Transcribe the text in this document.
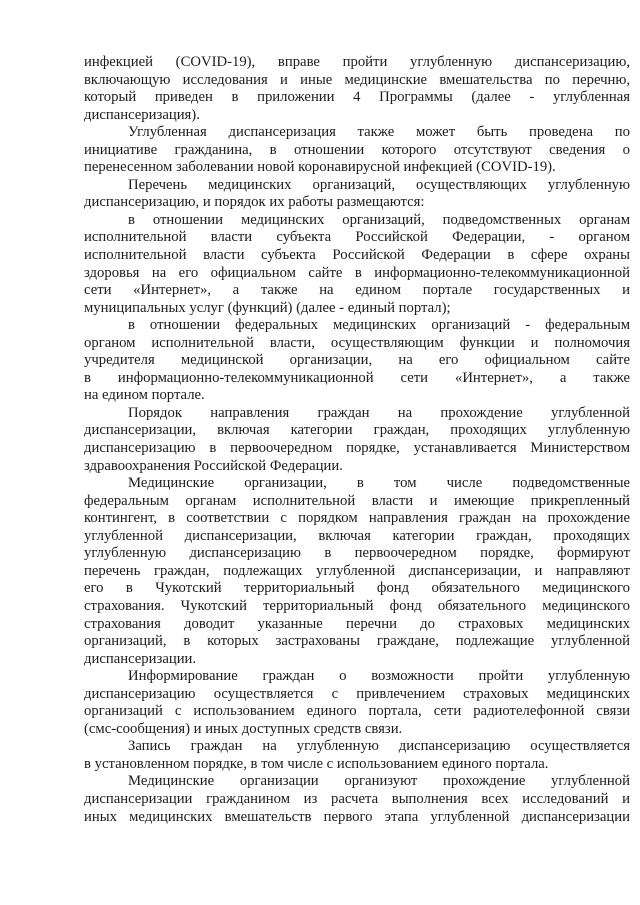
инфекцией (COVID-19), вправе пройти углубленную диспансеризацию,
включающую исследования и иные медицинские вмешательства по перечню,
который приведен в приложении 4 Программы (далее - углубленная
диспансеризация).
Углубленная диспансеризация также может быть проведена по
инициативе гражданина, в отношении которого отсутствуют сведения о
перенесенном заболевании новой коронавирусной инфекцией (COVID-19).
Перечень медицинских организаций, осуществляющих углубленную
диспансеризацию, и порядок их работы размещаются:
в отношении медицинских организаций, подведомственных органам
исполнительной власти субъекта Российской Федерации, - органом
исполнительной власти субъекта Российской Федерации в сфере охраны
здоровья на его официальном сайте в информационно-телекоммуникационной
сети «Интернет», а также на едином портале государственных и
муниципальных услуг (функций) (далее - единый портал);
в отношении федеральных медицинских организаций - федеральным
органом исполнительной власти, осуществляющим функции и полномочия
учредителя медицинской организации, на его официальном сайте
в информационно-телекоммуникационной сети «Интернет», а также
на едином портале.
Порядок направления граждан на прохождение углубленной
диспансеризации, включая категории граждан, проходящих углубленную
диспансеризацию в первоочередном порядке, устанавливается Министерством
здравоохранения Российской Федерации.
Медицинские организации, в том числе подведомственные
федеральным органам исполнительной власти и имеющие прикрепленный
контингент, в соответствии с порядком направления граждан на прохождение
углубленной диспансеризации, включая категории граждан, проходящих
углубленную диспансеризацию в первоочередном порядке, формируют
перечень граждан, подлежащих углубленной диспансеризации, и направляют
его в Чукотский территориальный фонд обязательного медицинского
страхования. Чукотский территориальный фонд обязательного медицинского
страхования доводит указанные перечни до страховых медицинских
организаций, в которых застрахованы граждане, подлежащие углубленной
диспансеризации.
Информирование граждан о возможности пройти углубленную
диспансеризацию осуществляется с привлечением страховых медицинских
организаций с использованием единого портала, сети радиотелефонной связи
(смс-сообщения) и иных доступных средств связи.
Запись граждан на углубленную диспансеризацию осуществляется
в установленном порядке, в том числе с использованием единого портала.
Медицинские организации организуют прохождение углубленной
диспансеризации гражданином из расчета выполнения всех исследований и
иных медицинских вмешательств первого этапа углубленной диспансеризации
